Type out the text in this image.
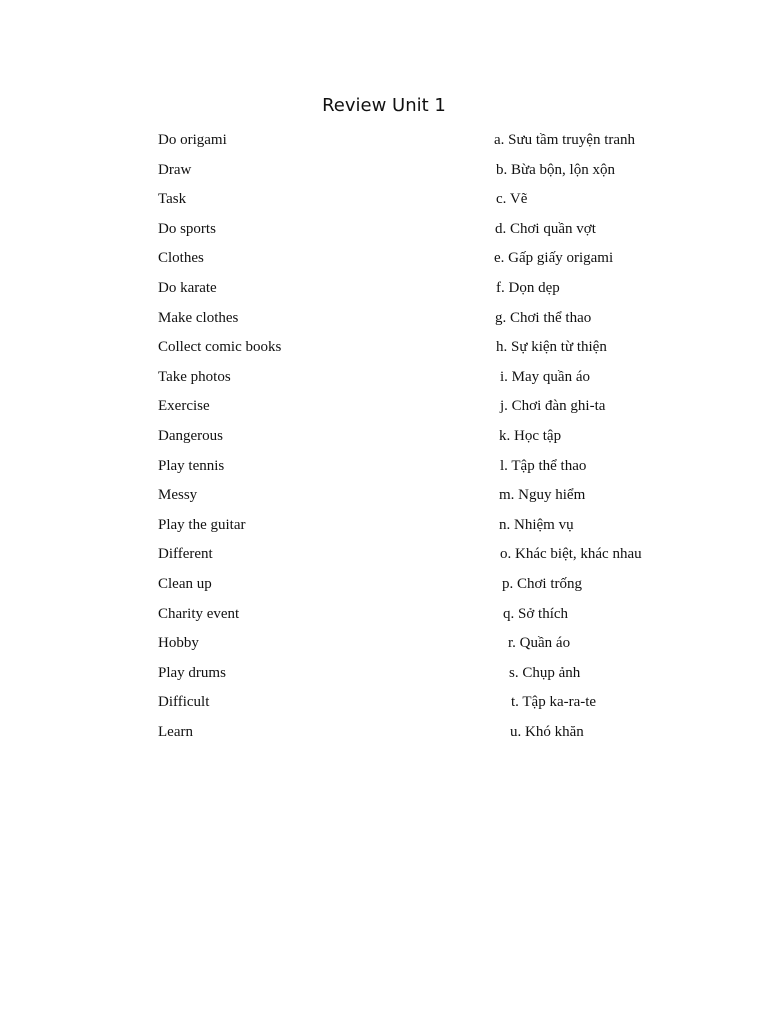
Review Unit 1
Do origami	a. Sưu tầm truyện tranh
Draw	b. Bừa bộn, lộn xộn
Task	c. Vẽ
Do sports	d. Chơi quần vợt
Clothes	e. Gấp giấy origami
Do karate	f. Dọn dẹp
Make clothes	g. Chơi thể thao
Collect comic books	h. Sự kiện từ thiện
Take photos	i. May quần áo
Exercise	j. Chơi đàn ghi-ta
Dangerous	k. Học tập
Play tennis	l. Tập thể thao
Messy	m. Nguy hiểm
Play the guitar	n. Nhiệm vụ
Different	o. Khác biệt, khác nhau
Clean up	p. Chơi trống
Charity event	q. Sở thích
Hobby	r. Quần áo
Play drums	s. Chụp ảnh
Difficult	t. Tập ka-ra-te
Learn	u. Khó khăn
